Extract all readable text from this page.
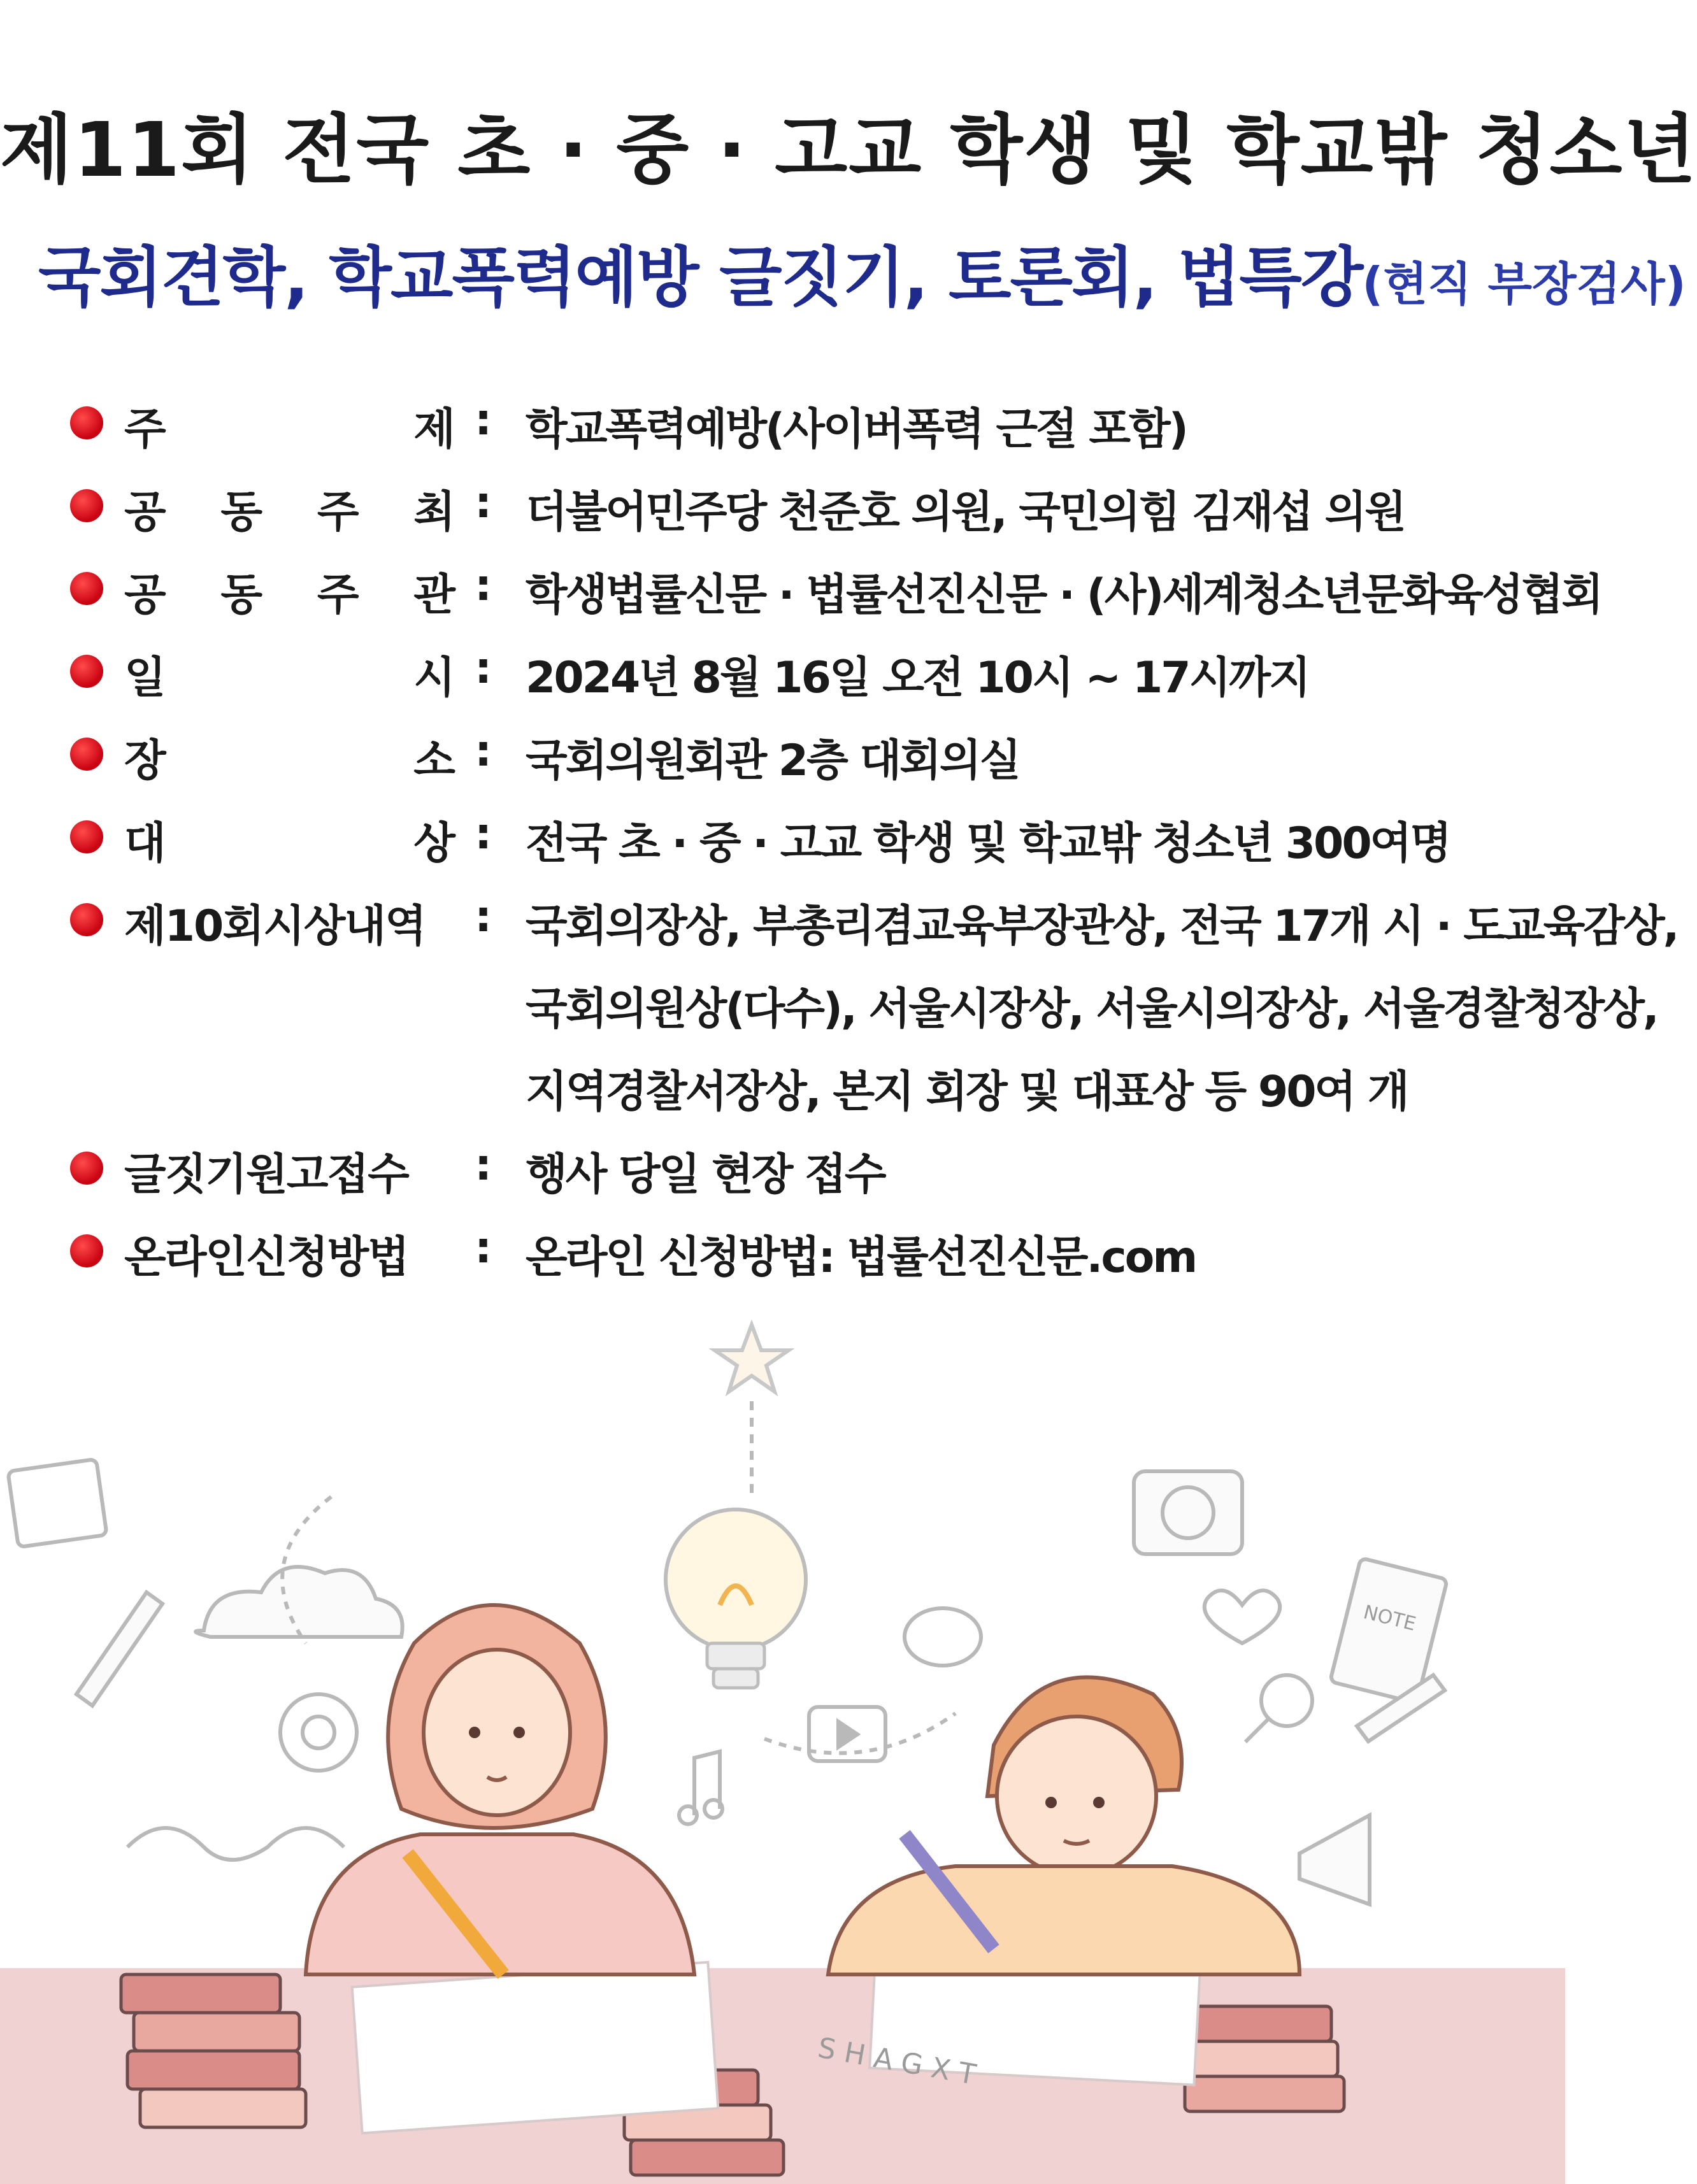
제11회 전국 초 · 중 · 고교 학생 및 학교밖 청소년
국회견학, 학교폭력예방 글짓기, 토론회, 법특강(현직 부장검사)
주	제 : 학교폭력예방(사이버폭력 근절 포함)
공 동 주 최 : 더불어민주당 천준호 의원, 국민의힘 김재섭 의원
공 동 주 관 : 학생법률신문 · 법률선진신문 · (사)세계청소년문화육성협회
일	시 : 2024년 8월 16일 오전 10시 ~ 17시까지
장	소 : 국회의원회관 2층 대회의실
대	상 : 전국 초 · 중 · 고교 학생 및 학교밖 청소년 300여명
제10회시상내역	: 국회의장상, 부총리겸교육부장관상, 전국 17개 시 · 도교육감상,
국회의원상(다수), 서울시장상, 서울시의장상, 서울경찰청장상,
지역경찰서장상, 본지 회장 및 대표상 등 90여 개
글짓기원고접수	: 행사 당일 현장 접수
온라인신청방법	: 온라인 신청방법: 법률선진신문.com
NOTE
SHAGXT
